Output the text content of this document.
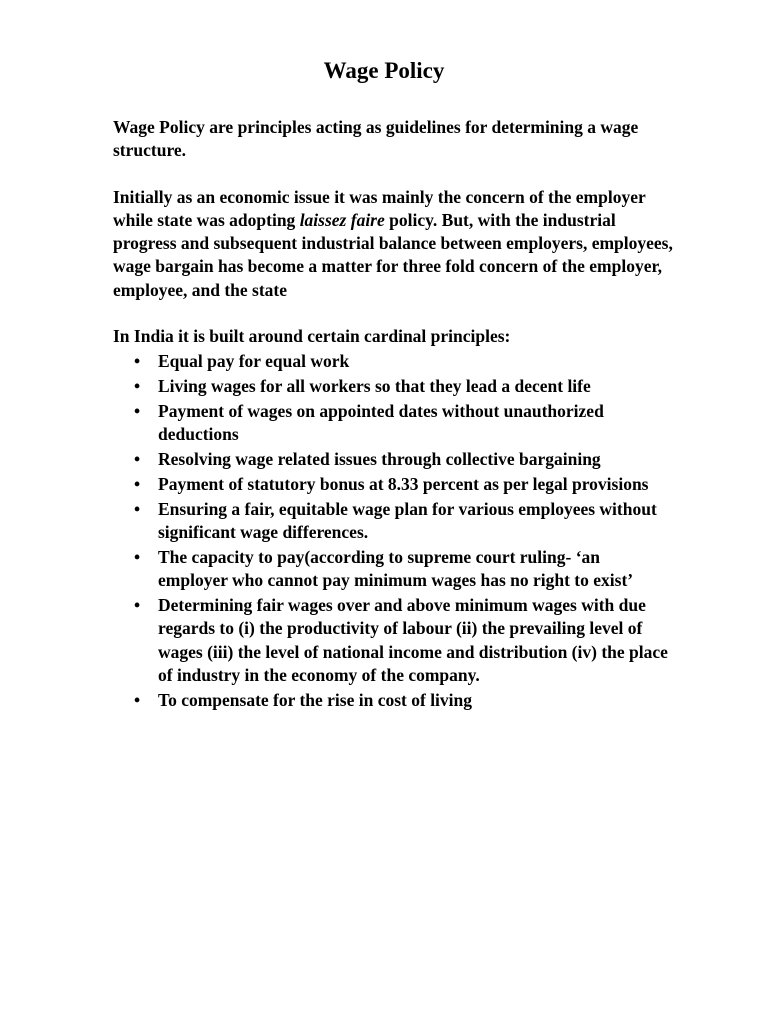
Wage Policy

Wage Policy are principles acting as guidelines for determining a wage structure.

Initially as an economic issue it was mainly the concern of the employer while state was adopting laissez faire policy. But, with the industrial progress and subsequent industrial balance between employers, employees, wage bargain has become a matter for three fold concern of the employer, employee, and the state

In India it is built around certain cardinal principles:

• Equal pay for equal work
• Living wages for all workers so that they lead a decent life
• Payment of wages on appointed dates without unauthorized deductions
• Resolving wage related issues through collective bargaining
• Payment of statutory bonus at 8.33 percent as per legal provisions
• Ensuring a fair, equitable wage plan for various employees without significant wage differences.
• The capacity to pay(according to supreme court ruling- ‘an employer who cannot pay minimum wages has no right to exist’
• Determining fair wages over and above minimum wages with due regards to (i) the productivity of labour (ii) the prevailing level of wages (iii) the level of national income and distribution (iv) the place of industry in the economy of the company.
• To compensate for the rise in cost of living
